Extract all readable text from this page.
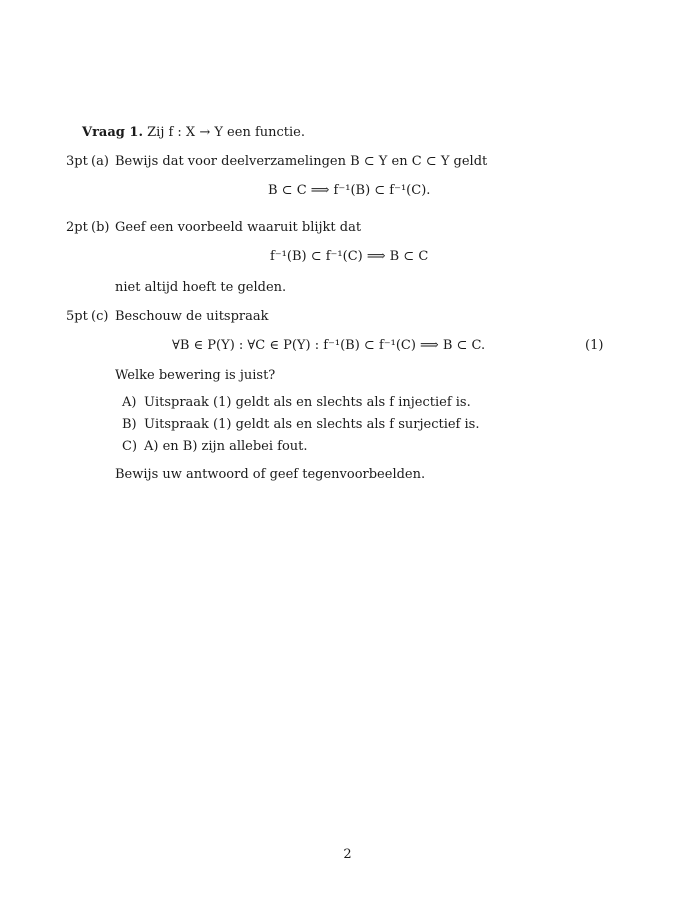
Vraag 1. Zij f : X → Y een functie.
3pt (a) Bewijs dat voor deelverzamelingen B ⊂ Y en C ⊂ Y geldt
B ⊂ C ⟹ f⁻¹(B) ⊂ f⁻¹(C).
2pt (b) Geef een voorbeeld waaruit blijkt dat
f⁻¹(B) ⊂ f⁻¹(C) ⟹ B ⊂ C
niet altijd hoeft te gelden.
5pt (c) Beschouw de uitspraak
∀B ∈ P(Y) : ∀C ∈ P(Y) : f⁻¹(B) ⊂ f⁻¹(C) ⟹ B ⊂ C.	(1)
Welke bewering is juist?
A) Uitspraak (1) geldt als en slechts als f injectief is.
B) Uitspraak (1) geldt als en slechts als f surjectief is.
C) A) en B) zijn allebei fout.
Bewijs uw antwoord of geef tegenvoorbeelden.
2
